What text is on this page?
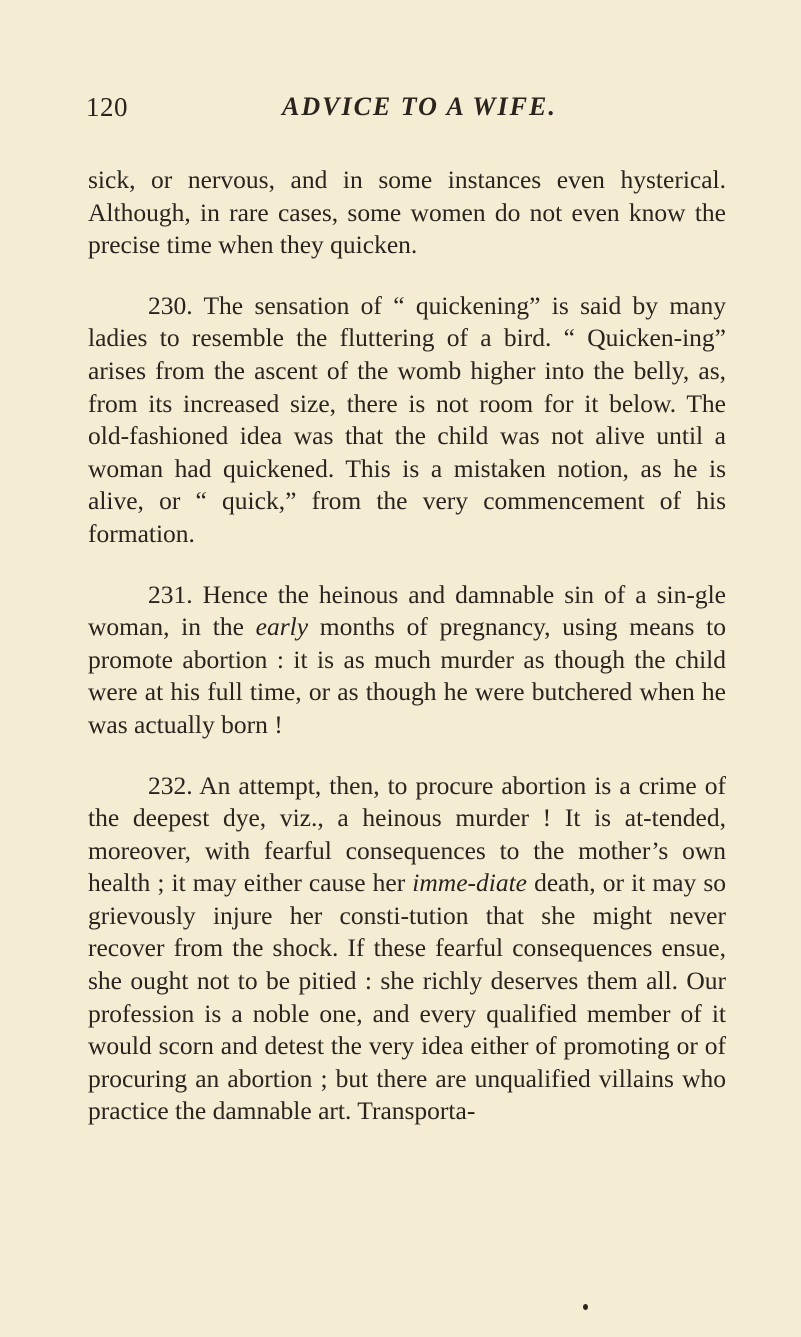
120	ADVICE TO A WIFE.

sick, or nervous, and in some instances even hysterical. Although, in rare cases, some women do not even know the precise time when they quicken.

230. The sensation of “ quickening” is said by many ladies to resemble the fluttering of a bird. “ Quicken-ing” arises from the ascent of the womb higher into the belly, as, from its increased size, there is not room for it below. The old-fashioned idea was that the child was not alive until a woman had quickened. This is a mistaken notion, as he is alive, or “ quick,” from the very commencement of his formation.

231. Hence the heinous and damnable sin of a sin-gle woman, in the early months of pregnancy, using means to promote abortion : it is as much murder as though the child were at his full time, or as though he were butchered when he was actually born !

232. An attempt, then, to procure abortion is a crime of the deepest dye, viz., a heinous murder ! It is at-tended, moreover, with fearful consequences to the mother’s own health ; it may either cause her imme-diate death, or it may so grievously injure her consti-tution that she might never recover from the shock. If these fearful consequences ensue, she ought not to be pitied : she richly deserves them all. Our profession is a noble one, and every qualified member of it would scorn and detest the very idea either of promoting or of procuring an abortion ; but there are unqualified villains who practice the damnable art. Transporta-
